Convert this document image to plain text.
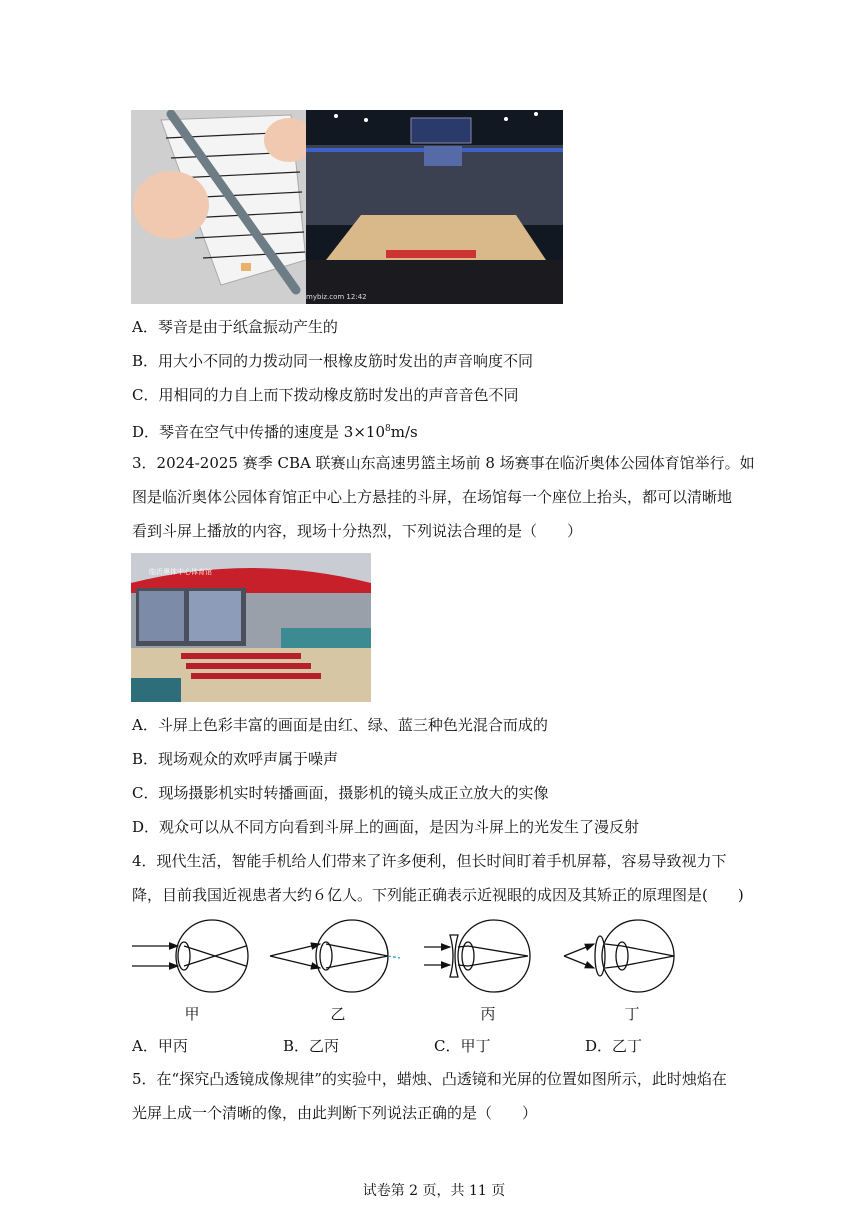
mybiz.com 12:42
A．琴音是由于纸盒振动产生的
B．用大小不同的力拨动同一根橡皮筋时发出的声音响度不同
C．用相同的力自上而下拨动橡皮筋时发出的声音音色不同
D．琴音在空气中传播的速度是 $3\times 10^8m/s$
3．2024-2025 赛季 CBA 联赛山东高速男篮主场前 8 场赛事在临沂奥体公园体育馆举行。如
图是临沂奥体公园体育馆正中心上方悬挂的斗屏，在场馆每一个座位上抬头，都可以清晰地
看到斗屏上播放的内容，现场十分热烈，下列说法合理的是（　　）
临沂奥体中心体育馆
A．斗屏上色彩丰富的画面是由红、绿、蓝三种色光混合而成的
B．现场观众的欢呼声属于噪声
C．现场摄影机实时转播画面，摄影机的镜头成正立放大的实像
D．观众可以从不同方向看到斗屏上的画面，是因为斗屏上的光发生了漫反射
4．现代生活，智能手机给人们带来了许多便利，但长时间盯着手机屏幕，容易导致视力下
降，目前我国近视患者大约６亿人。下列能正确表示近视眼的成因及其矫正的原理图是(　　)
甲	乙	丙	丁
A．甲丙	B．乙丙	C．甲丁	D．乙丁
5．在“探究凸透镜成像规律”的实验中，蜡烛、凸透镜和光屏的位置如图所示，此时烛焰在
光屏上成一个清晰的像，由此判断下列说法正确的是（　　）
试卷第 2 页，共 11 页
